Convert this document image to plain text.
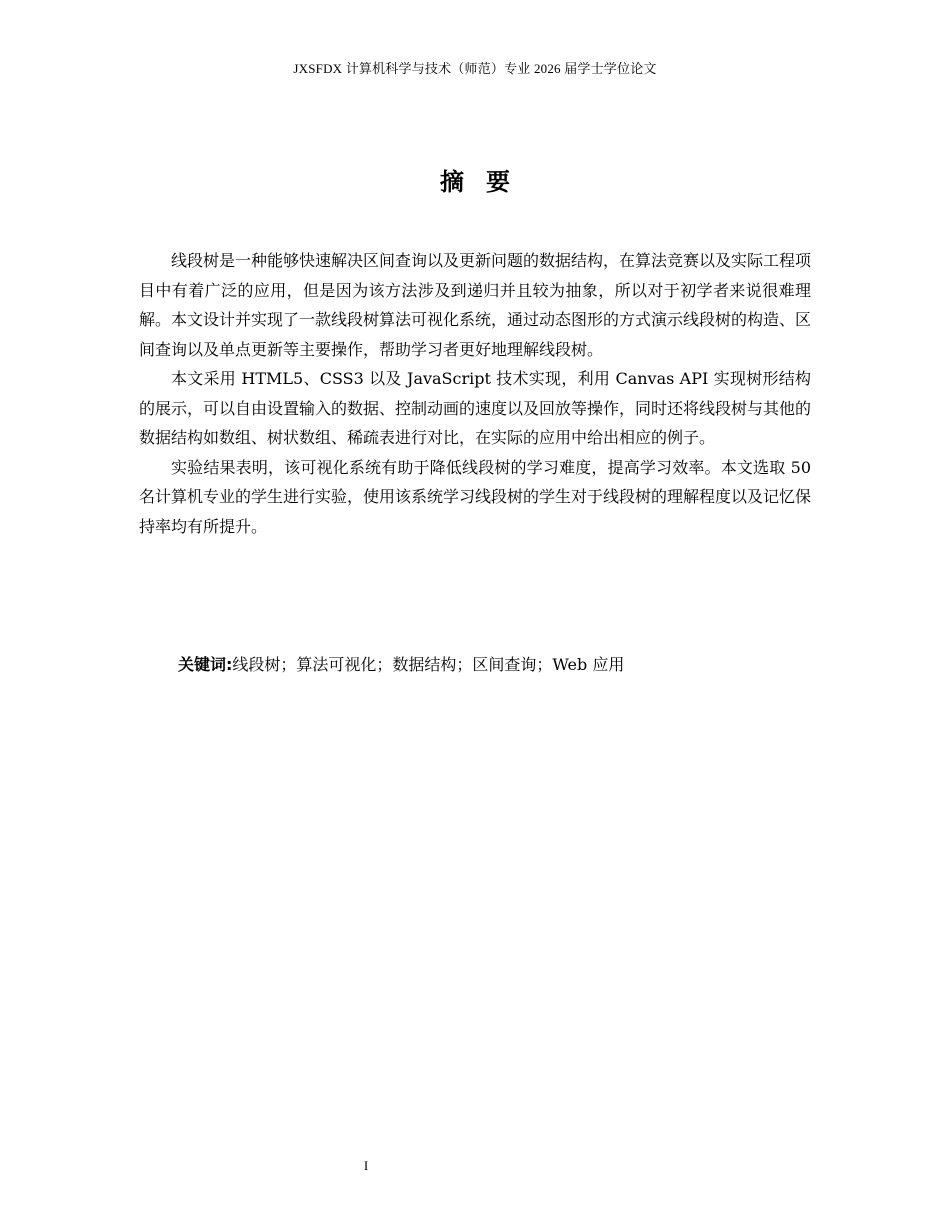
JXSFDX 计算机科学与技术（师范）专业 2026 届学士学位论文
摘要

线段树是一种能够快速解决区间查询以及更新问题的数据结构，在算法竞赛以及实际工程项目中有着广泛的应用，但是因为该方法涉及到递归并且较为抽象，所以对于初学者来说很难理解。本文设计并实现了一款线段树算法可视化系统，通过动态图形的方式演示线段树的构造、区间查询以及单点更新等主要操作，帮助学习者更好地理解线段树。

本文采用 HTML5、CSS3 以及 JavaScript 技术实现，利用 Canvas API 实现树形结构的展示，可以自由设置输入的数据、控制动画的速度以及回放等操作，同时还将线段树与其他的数据结构如数组、树状数组、稀疏表进行对比，在实际的应用中给出相应的例子。

实验结果表明，该可视化系统有助于降低线段树的学习难度，提高学习效率。本文选取 50 名计算机专业的学生进行实验，使用该系统学习线段树的学生对于线段树的理解程度以及记忆保持率均有所提升。

关键词:线段树；算法可视化；数据结构；区间查询；Web 应用
I
